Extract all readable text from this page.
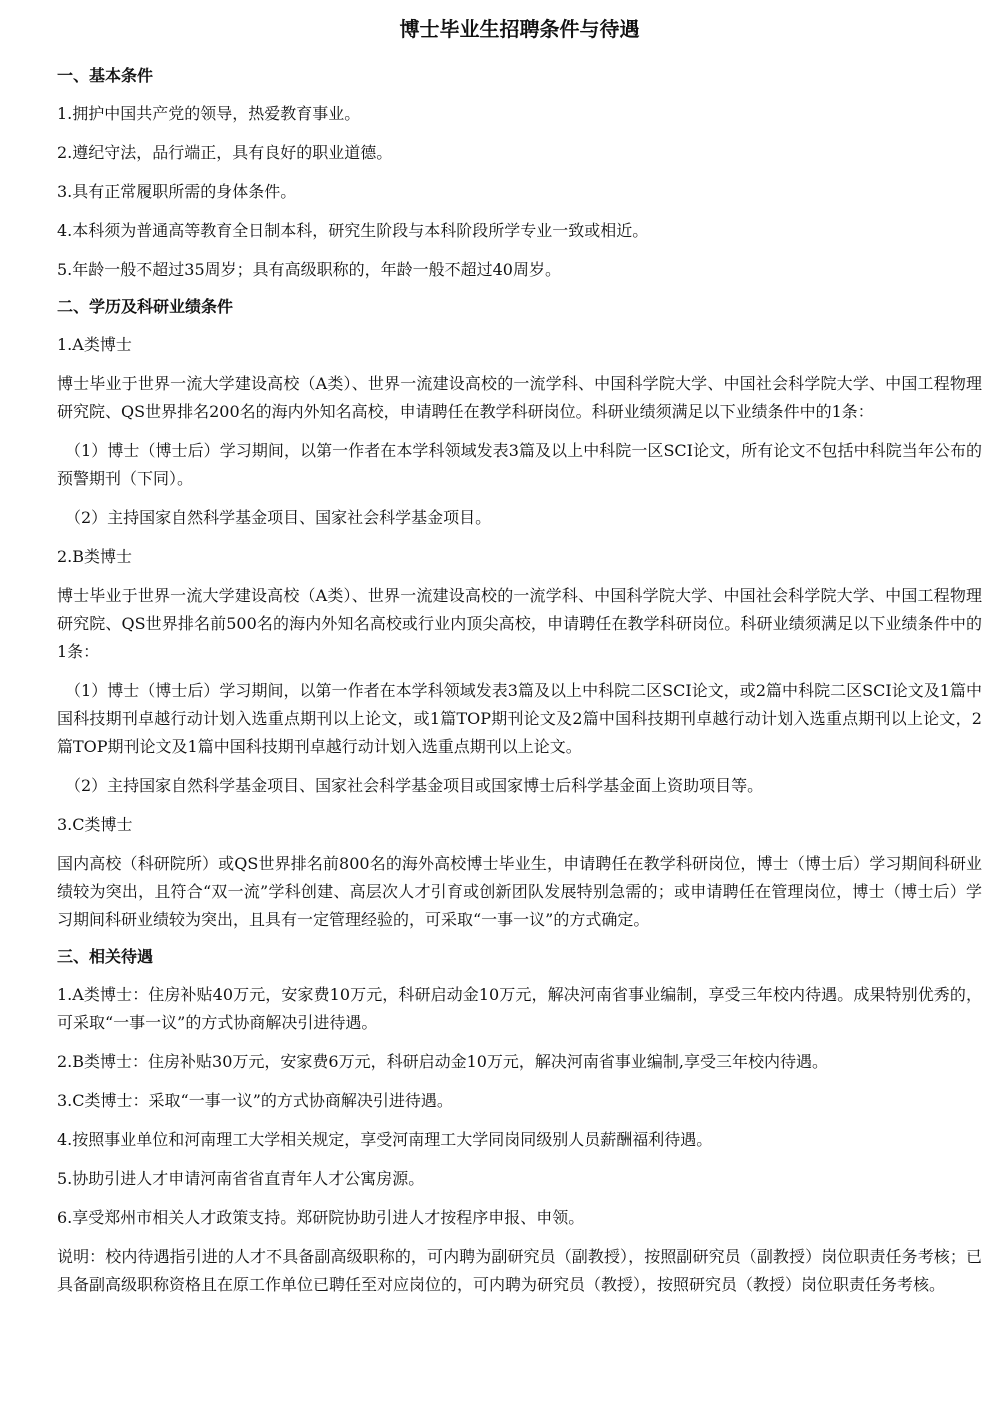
博士毕业生招聘条件与待遇
一、基本条件
1.拥护中国共产党的领导，热爱教育事业。
2.遵纪守法，品行端正，具有良好的职业道德。
3.具有正常履职所需的身体条件。
4.本科须为普通高等教育全日制本科，研究生阶段与本科阶段所学专业一致或相近。
5.年龄一般不超过35周岁；具有高级职称的，年龄一般不超过40周岁。
二、学历及科研业绩条件
1.A类博士
博士毕业于世界一流大学建设高校（A类）、世界一流建设高校的一流学科、中国科学院大学、中国社会科学院大学、中国工程物理研究院、QS世界排名200名的海内外知名高校，申请聘任在教学科研岗位。科研业绩须满足以下业绩条件中的1条：
（1）博士（博士后）学习期间，以第一作者在本学科领域发表3篇及以上中科院一区SCI论文，所有论文不包括中科院当年公布的预警期刊（下同）。
（2）主持国家自然科学基金项目、国家社会科学基金项目。
2.B类博士
博士毕业于世界一流大学建设高校（A类）、世界一流建设高校的一流学科、中国科学院大学、中国社会科学院大学、中国工程物理研究院、QS世界排名前500名的海内外知名高校或行业内顶尖高校，申请聘任在教学科研岗位。科研业绩须满足以下业绩条件中的1条：
（1）博士（博士后）学习期间，以第一作者在本学科领域发表3篇及以上中科院二区SCI论文，或2篇中科院二区SCI论文及1篇中国科技期刊卓越行动计划入选重点期刊以上论文，或1篇TOP期刊论文及2篇中国科技期刊卓越行动计划入选重点期刊以上论文，2篇TOP期刊论文及1篇中国科技期刊卓越行动计划入选重点期刊以上论文。
（2）主持国家自然科学基金项目、国家社会科学基金项目或国家博士后科学基金面上资助项目等。
3.C类博士
国内高校（科研院所）或QS世界排名前800名的海外高校博士毕业生，申请聘任在教学科研岗位，博士（博士后）学习期间科研业绩较为突出，且符合“双一流”学科创建、高层次人才引育或创新团队发展特别急需的；或申请聘任在管理岗位，博士（博士后）学习期间科研业绩较为突出，且具有一定管理经验的，可采取“一事一议”的方式确定。
三、相关待遇
1.A类博士：住房补贴40万元，安家费10万元，科研启动金10万元，解决河南省事业编制，享受三年校内待遇。成果特别优秀的，可采取“一事一议”的方式协商解决引进待遇。
2.B类博士：住房补贴30万元，安家费6万元，科研启动金10万元，解决河南省事业编制,享受三年校内待遇。
3.C类博士：采取“一事一议”的方式协商解决引进待遇。
4.按照事业单位和河南理工大学相关规定，享受河南理工大学同岗同级别人员薪酬福利待遇。
5.协助引进人才申请河南省省直青年人才公寓房源。
6.享受郑州市相关人才政策支持。郑研院协助引进人才按程序申报、申领。
说明：校内待遇指引进的人才不具备副高级职称的，可内聘为副研究员（副教授），按照副研究员（副教授）岗位职责任务考核；已具备副高级职称资格且在原工作单位已聘任至对应岗位的，可内聘为研究员（教授），按照研究员（教授）岗位职责任务考核。
